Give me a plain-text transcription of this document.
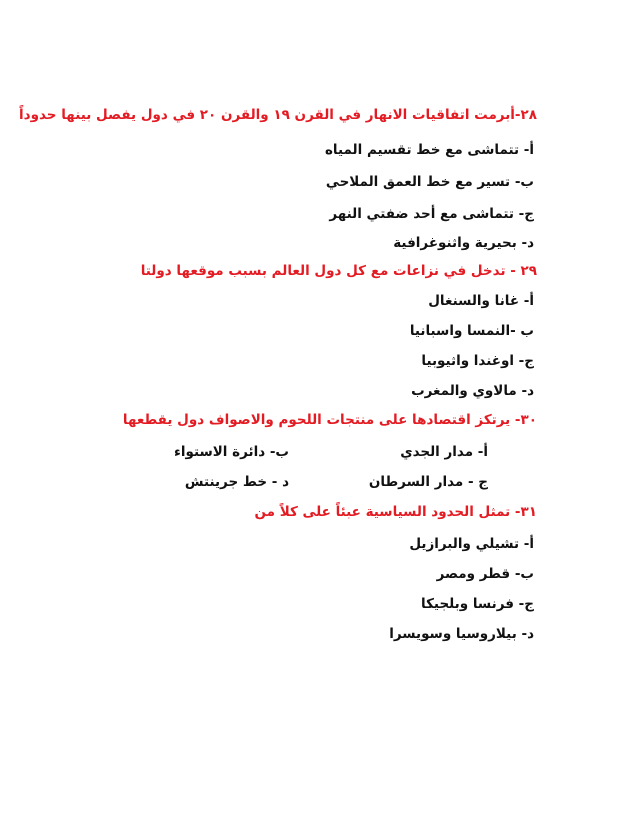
٢٨-أبرمت اتفاقيات الانهار في القرن ١٩ والقرن ٢٠ في دول يفصل بينها حدوداً
أ- تتماشى مع خط تقسيم المياه
ب- تسير مع خط العمق الملاحي
ج- تتماشى مع أحد ضفتي النهر
د- بحيرية واثنوغرافية
٢٩ - تدخل في نزاعات مع كل دول العالم بسبب موقعها دولتا
أ- غانا والسنغال
ب -النمسا واسبانيا
ج- اوغندا واثيوبيا
د- مالاوي والمغرب
٣٠- يرتكز اقتصادها على منتجات اللحوم والاصواف دول يقطعها
أ- مدار الجدي
ب- دائرة الاستواء
ج - مدار السرطان
د - خط جرينتش
٣١- تمثل الحدود السياسية عبئاً على كلاً من
أ- تشيلي والبرازيل
ب- قطر ومصر
ج- فرنسا وبلجيكا
د- بيلاروسيا وسويسرا
